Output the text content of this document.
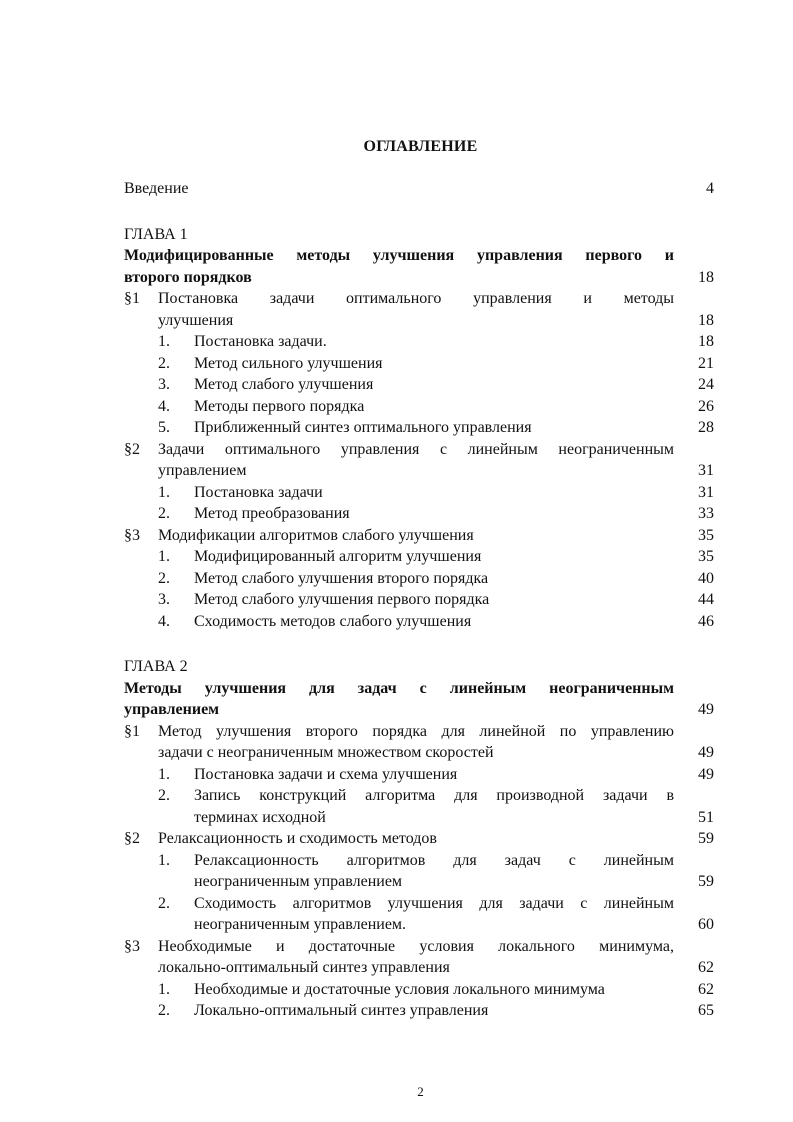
ОГЛАВЛЕНИЕ
Введение	4
ГЛАВА 1
Модифицированные методы улучшения управления первого и
второго порядков	18
§1	Постановка задачи оптимального управления и методы
улучшения	18
1.	Постановка задачи.	18
2.	Метод сильного улучшения	21
3.	Метод слабого улучшения	24
4.	Методы первого порядка	26
5.	Приближенный синтез оптимального управления	28
§2	Задачи оптимального управления с линейным неограниченным
управлением	31
1.	Постановка задачи	31
2.	Метод преобразования	33
§3	Модификации алгоритмов слабого улучшения	35
1.	Модифицированный алгоритм улучшения	35
2.	Метод слабого улучшения второго порядка	40
3.	Метод слабого улучшения первого порядка	44
4.	Сходимость методов слабого улучшения	46
ГЛАВА 2
Методы улучшения для задач с линейным неограниченным
управлением	49
§1	Метод улучшения второго порядка для линейной по управлению
задачи с неограниченным множеством скоростей	49
1.	Постановка задачи и схема улучшения	49
2.	Запись конструкций алгоритма для производной задачи в
терминах исходной	51
§2	Релаксационность и сходимость методов	59
1.	Релаксационность алгоритмов для задач с линейным
неограниченным управлением	59
2.	Сходимость алгоритмов улучшения для задачи с линейным
неограниченным управлением.	60
§3	Необходимые и достаточные условия локального минимума,
локально-оптимальный синтез управления	62
1.	Необходимые и достаточные условия локального минимума	62
2.	Локально-оптимальный синтез управления	65
2
